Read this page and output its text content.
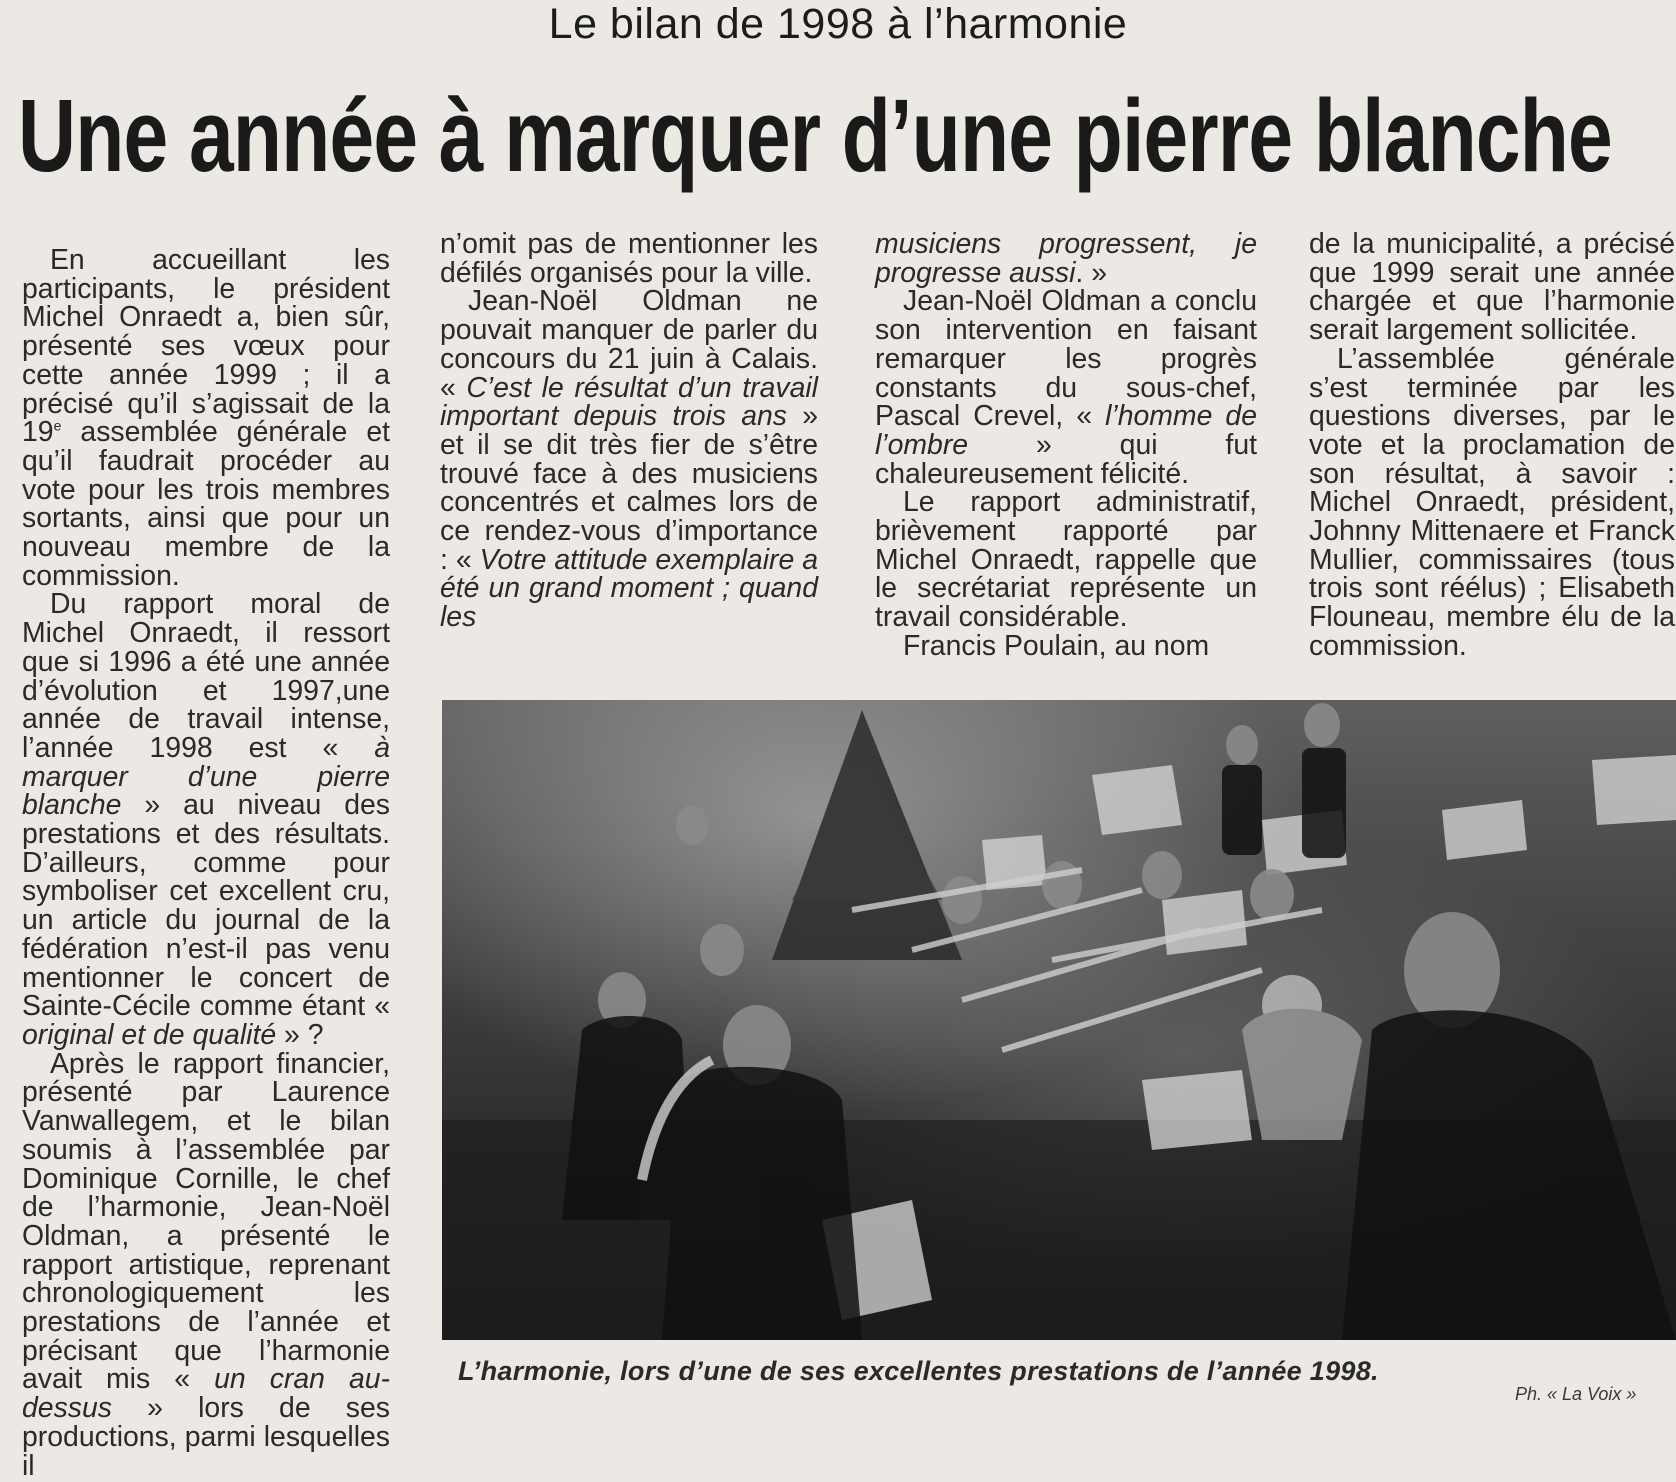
Le bilan de 1998 à l’harmonie
Une année à marquer d’une pierre blanche

En accueillant les participants, le président Michel Onraedt a, bien sûr, présenté ses vœux pour cette année 1999 ; il a précisé qu’il s’agissait de la 19e assemblée générale et qu’il faudrait procéder au vote pour les trois membres sortants, ainsi que pour un nouveau membre de la commission.

Du rapport moral de Michel Onraedt, il ressort que si 1996 a été une année d’évolution et 1997,une année de travail intense, l’année 1998 est « à marquer d’une pierre blanche » au niveau des prestations et des résultats. D’ailleurs, comme pour symboliser cet excellent cru, un article du journal de la fédération n’est-il pas venu mentionner le concert de Sainte-Cécile comme étant « original et de qualité » ?

Après le rapport financier, présenté par Laurence Vanwallegem, et le bilan soumis à l’assemblée par Dominique Cornille, le chef de l’harmonie, Jean-Noël Oldman, a présenté le rapport artistique, reprenant chronologiquement les prestations de l’année et précisant que l’harmonie avait mis « un cran au-dessus » lors de ses productions, parmi lesquelles il

n’omit pas de mentionner les défilés organisés pour la ville.

Jean-Noël Oldman ne pouvait manquer de parler du concours du 21 juin à Calais. « C’est le résultat d’un travail important depuis trois ans » et il se dit très fier de s’être trouvé face à des musiciens concentrés et calmes lors de ce rendez-vous d’importance : « Votre attitude exemplaire a été un grand moment ; quand les

musiciens progressent, je progresse aussi. »

Jean-Noël Oldman a conclu son intervention en faisant remarquer les progrès constants du sous-chef, Pascal Crevel, « l’homme de l’ombre » qui fut chaleureusement félicité.

Le rapport administratif, brièvement rapporté par Michel Onraedt, rappelle que le secrétariat représente un travail considérable.

Francis Poulain, au nom

de la municipalité, a précisé que 1999 serait une année chargée et que l’harmonie serait largement sollicitée.

L’assemblée générale s’est terminée par les questions diverses, par le vote et la proclamation de son résultat, à savoir : Michel Onraedt, président, Johnny Mittenaere et Franck Mullier, commissaires (tous trois sont réélus) ; Elisabeth Flouneau, membre élu de la commission.

L’harmonie, lors d’une de ses excellentes prestations de l’année 1998.
Ph. « La Voix »
